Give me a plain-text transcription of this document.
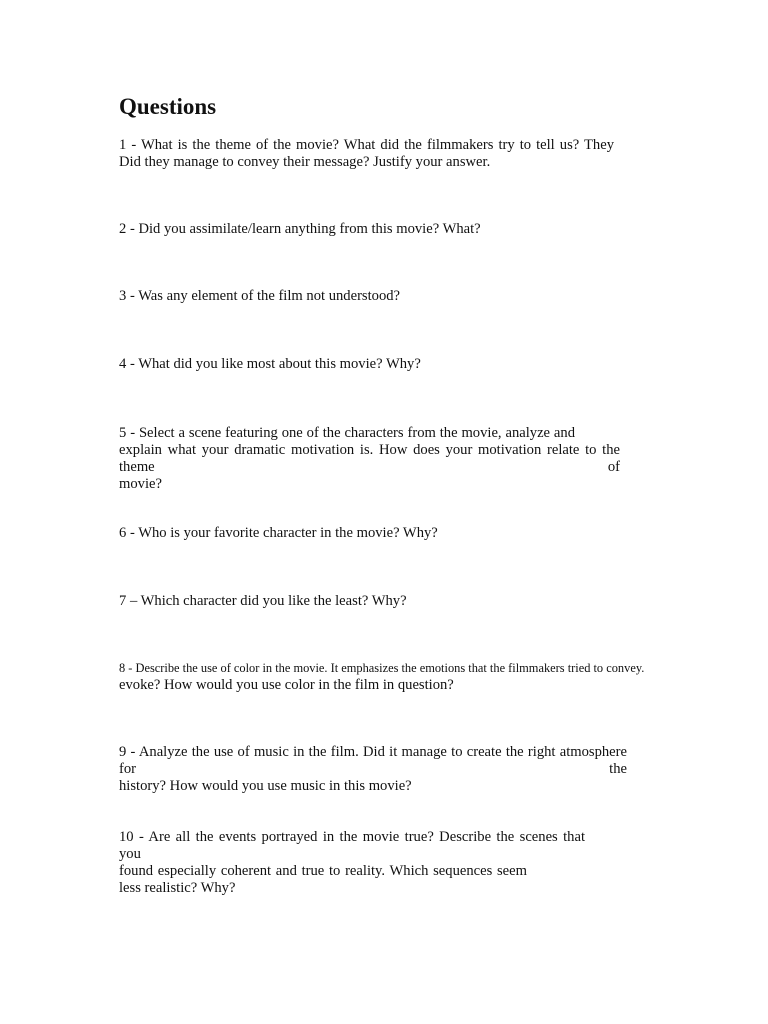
Questions
1 - What is the theme of the movie? What did the filmmakers try to tell us? They
Did they manage to convey their message? Justify your answer.
2 - Did you assimilate/learn anything from this movie? What?
3 - Was any element of the film not understood?
4 - What did you like most about this movie? Why?
5 - Select a scene featuring one of the characters from the movie, analyze and
explain what your dramatic motivation is. How does your motivation relate to the theme of
movie?
6 - Who is your favorite character in the movie? Why?
7 – Which character did you like the least? Why?
8 - Describe the use of color in the movie. It emphasizes the emotions that the filmmakers tried to convey.
evoke? How would you use color in the film in question?
9 - Analyze the use of music in the film. Did it manage to create the right atmosphere for the
history? How would you use music in this movie?
10 - Are all the events portrayed in the movie true? Describe the scenes that you
found especially coherent and true to reality. Which sequences seem
less realistic? Why?
